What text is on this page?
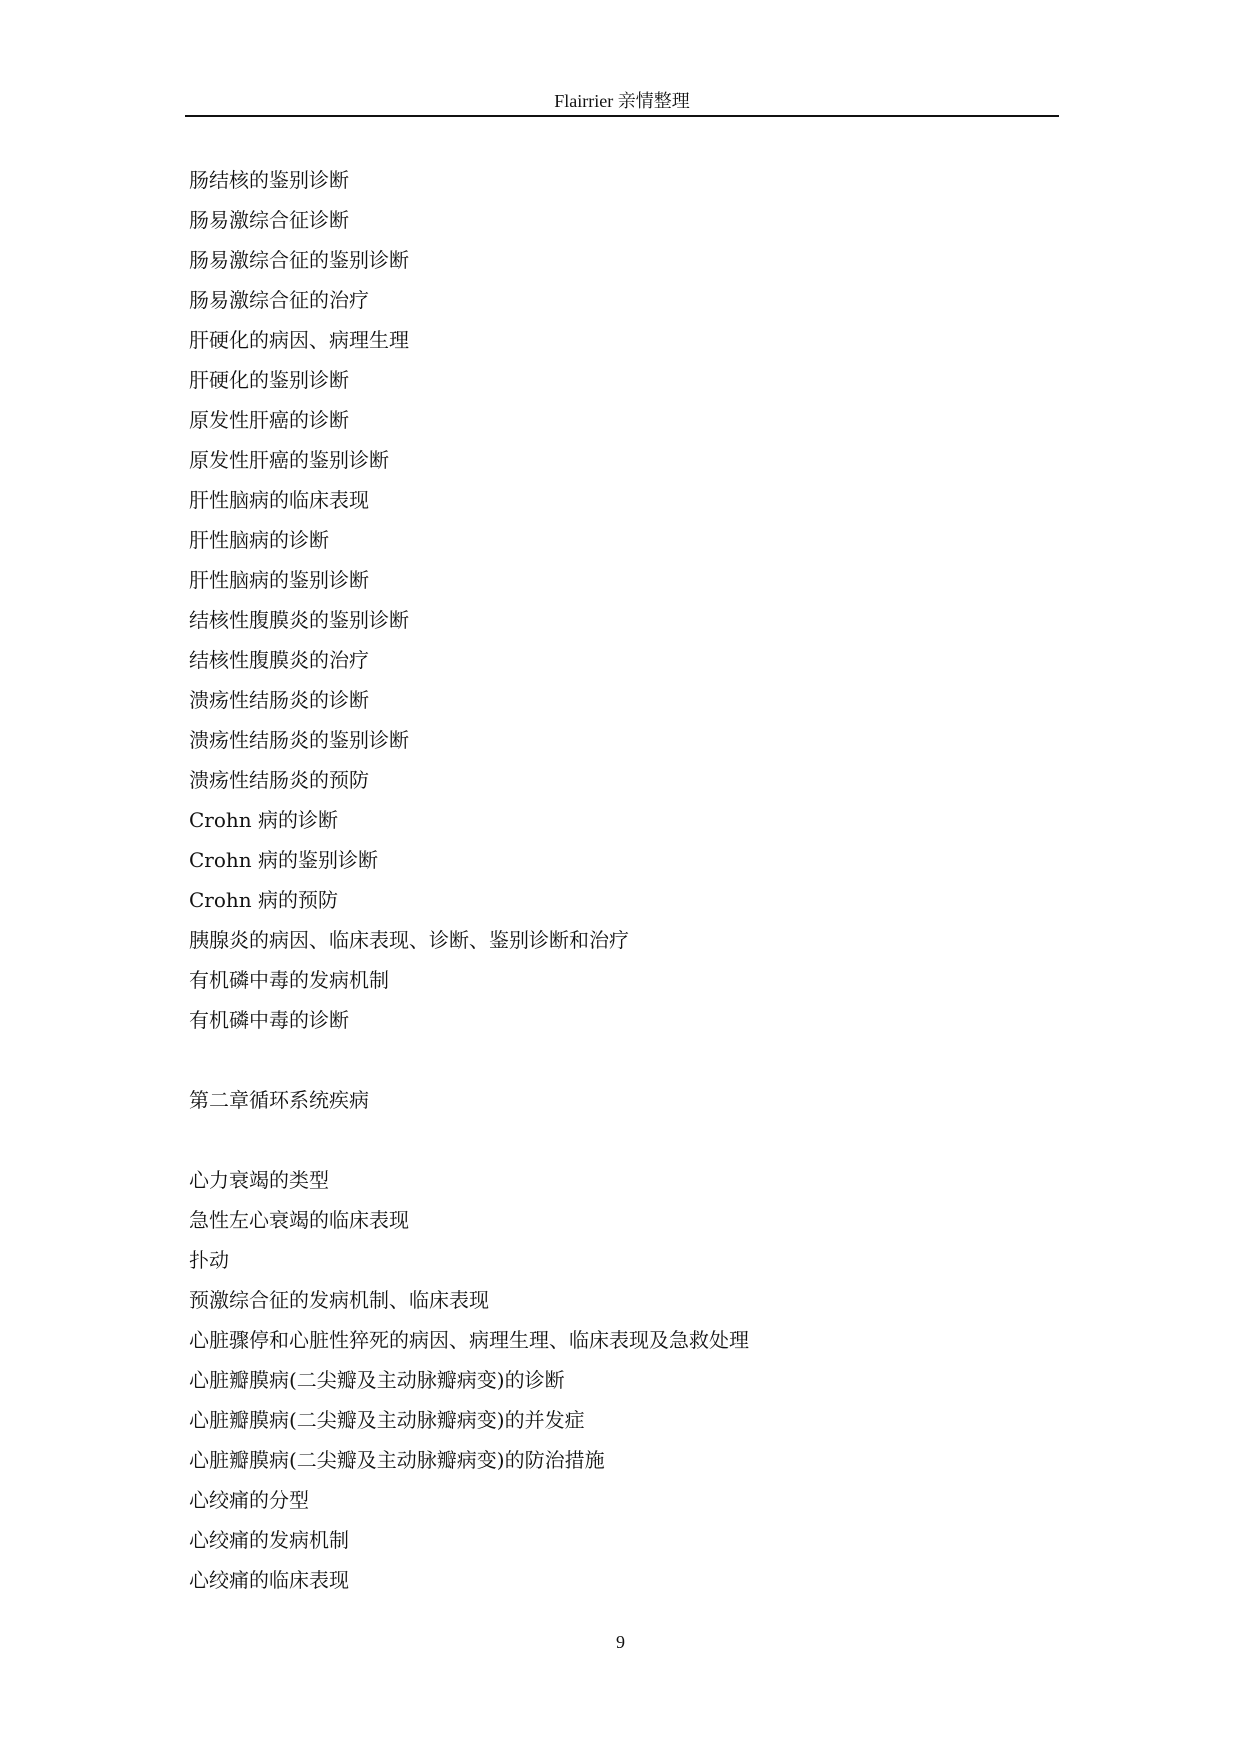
Flairrier 亲情整理
肠结核的鉴别诊断
肠易激综合征诊断
肠易激综合征的鉴别诊断
肠易激综合征的治疗
肝硬化的病因、病理生理
肝硬化的鉴别诊断
原发性肝癌的诊断
原发性肝癌的鉴别诊断
肝性脑病的临床表现
肝性脑病的诊断
肝性脑病的鉴别诊断
结核性腹膜炎的鉴别诊断
结核性腹膜炎的治疗
溃疡性结肠炎的诊断
溃疡性结肠炎的鉴别诊断
溃疡性结肠炎的预防
Crohn 病的诊断
Crohn 病的鉴别诊断
Crohn 病的预防
胰腺炎的病因、临床表现、诊断、鉴别诊断和治疗
有机磷中毒的发病机制
有机磷中毒的诊断
第二章循环系统疾病
心力衰竭的类型
急性左心衰竭的临床表现
扑动
预激综合征的发病机制、临床表现
心脏骤停和心脏性猝死的病因、病理生理、临床表现及急救处理
心脏瓣膜病(二尖瓣及主动脉瓣病变)的诊断
心脏瓣膜病(二尖瓣及主动脉瓣病变)的并发症
心脏瓣膜病(二尖瓣及主动脉瓣病变)的防治措施
心绞痛的分型
心绞痛的发病机制
心绞痛的临床表现
9
